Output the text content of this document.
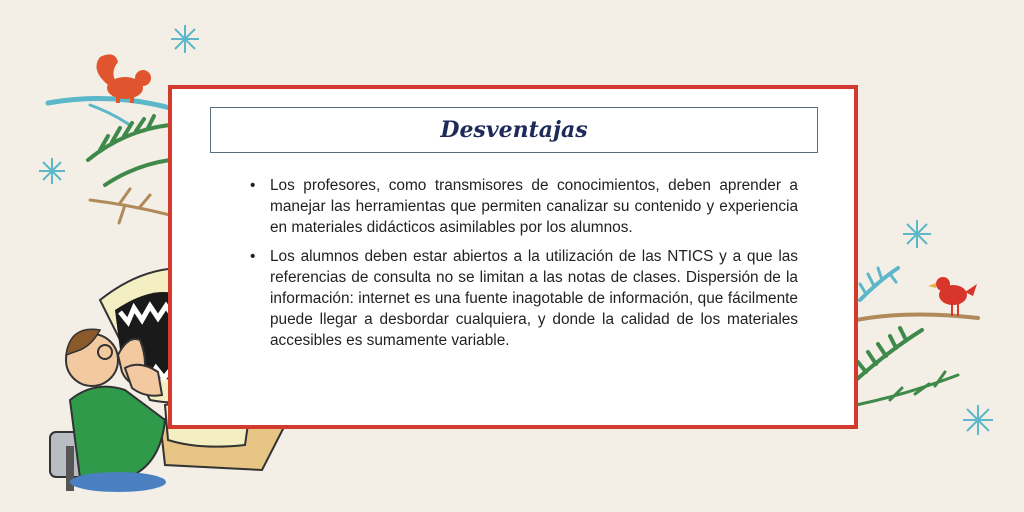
Desventajas
• Los profesores, como transmisores de conocimientos, deben aprender a manejar las herramientas que permiten canalizar su contenido y experiencia en materiales didácticos asimilables por los alumnos.
• Los alumnos deben estar abiertos a la utilización de las NTICS y a que las referencias de consulta no se limitan a las notas de clases. Dispersión de la información: internet es una fuente inagotable de información, que fácilmente puede llegar a desbordar cualquiera, y donde la calidad de los materiales accesibles es sumamente variable.
